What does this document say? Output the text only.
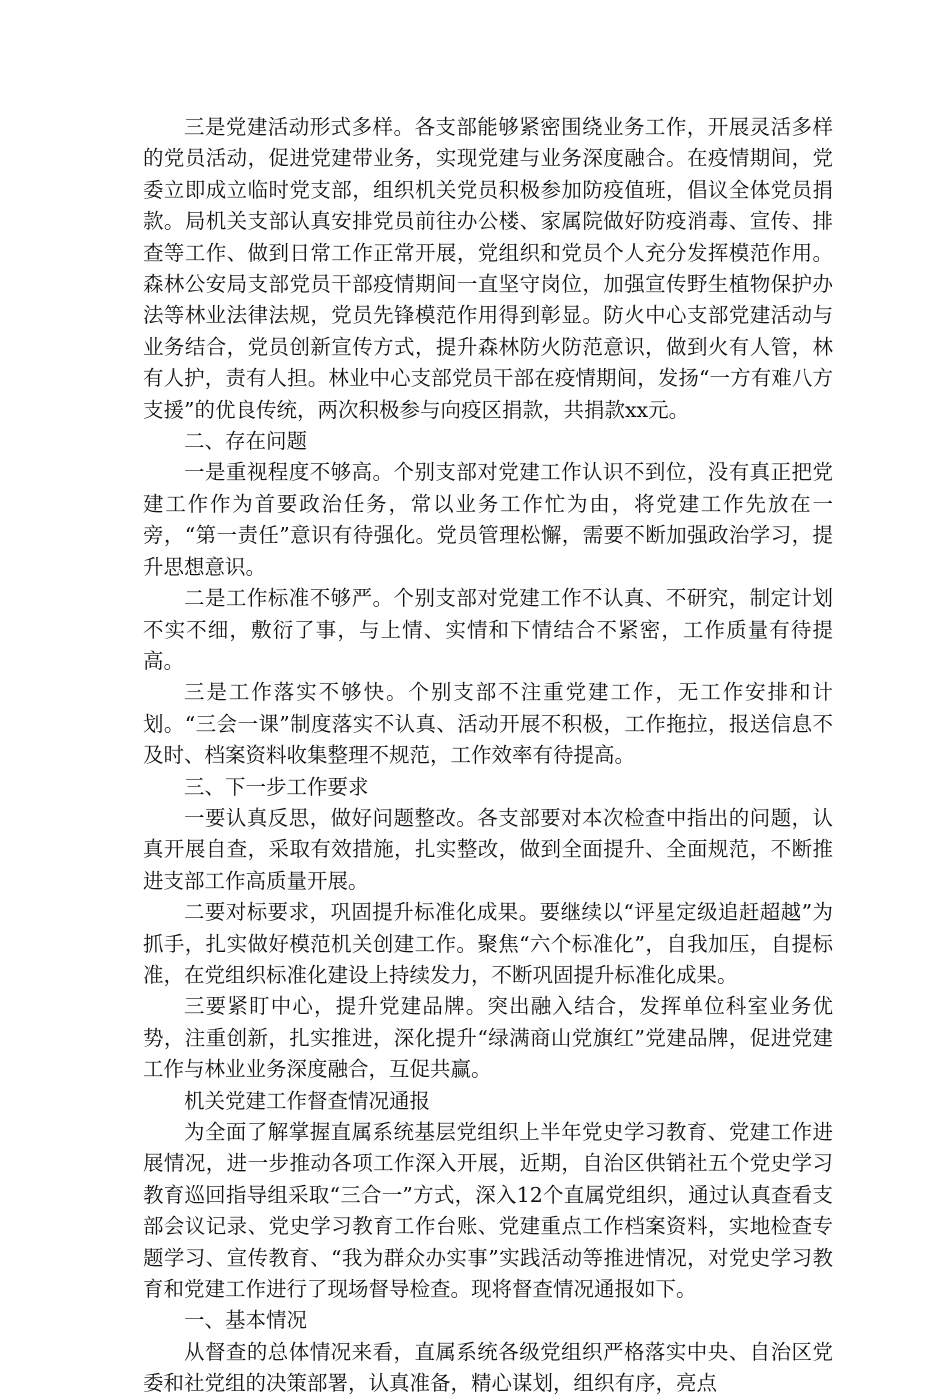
三是党建活动形式多样。各支部能够紧密围绕业务工作，开展灵活多样的党员活动，促进党建带业务，实现党建与业务深度融合。在疫情期间，党委立即成立临时党支部，组织机关党员积极参加防疫值班，倡议全体党员捐款。局机关支部认真安排党员前往办公楼、家属院做好防疫消毒、宣传、排查等工作、做到日常工作正常开展，党组织和党员个人充分发挥模范作用。森林公安局支部党员干部疫情期间一直坚守岗位，加强宣传野生植物保护办法等林业法律法规，党员先锋模范作用得到彰显。防火中心支部党建活动与业务结合，党员创新宣传方式，提升森林防火防范意识，做到火有人管，林有人护，责有人担。林业中心支部党员干部在疫情期间，发扬“一方有难八方支援”的优良传统，两次积极参与向疫区捐款，共捐款xx元。

二、存在问题

一是重视程度不够高。个别支部对党建工作认识不到位，没有真正把党建工作作为首要政治任务，常以业务工作忙为由，将党建工作先放在一旁，“第一责任”意识有待强化。党员管理松懈，需要不断加强政治学习，提升思想意识。

二是工作标准不够严。个别支部对党建工作不认真、不研究，制定计划不实不细，敷衍了事，与上情、实情和下情结合不紧密，工作质量有待提高。

三是工作落实不够快。个别支部不注重党建工作，无工作安排和计划。“三会一课”制度落实不认真、活动开展不积极，工作拖拉，报送信息不及时、档案资料收集整理不规范，工作效率有待提高。

三、下一步工作要求

一要认真反思，做好问题整改。各支部要对本次检查中指出的问题，认真开展自查，采取有效措施，扎实整改，做到全面提升、全面规范，不断推进支部工作高质量开展。

二要对标要求，巩固提升标准化成果。要继续以“评星定级追赶超越”为抓手，扎实做好模范机关创建工作。聚焦“六个标准化”，自我加压，自提标准，在党组织标准化建设上持续发力，不断巩固提升标准化成果。

三要紧盯中心，提升党建品牌。突出融入结合，发挥单位科室业务优势，注重创新，扎实推进，深化提升“绿满商山党旗红”党建品牌，促进党建工作与林业业务深度融合，互促共赢。

机关党建工作督查情况通报

为全面了解掌握直属系统基层党组织上半年党史学习教育、党建工作进展情况，进一步推动各项工作深入开展，近期，自治区供销社五个党史学习教育巡回指导组采取“三合一”方式，深入12个直属党组织，通过认真查看支部会议记录、党史学习教育工作台账、党建重点工作档案资料，实地检查专题学习、宣传教育、“我为群众办实事”实践活动等推进情况，对党史学习教育和党建工作进行了现场督导检查。现将督查情况通报如下。

一、基本情况

从督查的总体情况来看，直属系统各级党组织严格落实中央、自治区党委和社党组的决策部署，认真准备，精心谋划，组织有序，亮点
